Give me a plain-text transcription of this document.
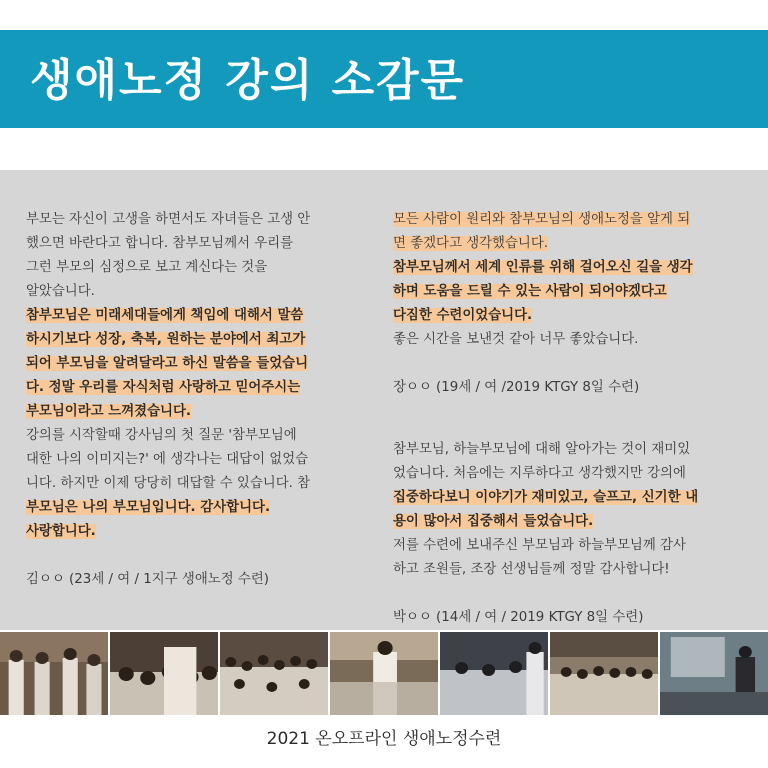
생애노정 강의 소감문
부모는 자신이 고생을 하면서도 자녀들은 고생 안
했으면 바란다고 합니다. 참부모님께서 우리를
그런 부모의 심정으로 보고 계신다는 것을
알았습니다.
참부모님은 미래세대들에게 책임에 대해서 말씀
하시기보다 성장, 축복, 원하는 분야에서 최고가
되어 부모님을 알려달라고 하신 말씀을 들었습니
다. 정말 우리를 자식처럼 사랑하고 믿어주시는
부모님이라고 느껴졌습니다.
강의를 시작할때 강사님의 첫 질문 '참부모님에
대한 나의 이미지는?' 에 생각나는 대답이 없었습
니다. 하지만 이제 당당히 대답할 수 있습니다. 참
부모님은 나의 부모님입니다. 감사합니다.
사랑합니다.
김ㅇㅇ (23세 / 여 / 1지구 생애노정 수련)
모든 사람이 원리와 참부모님의 생애노정을 알게 되
면 좋겠다고 생각했습니다.
참부모님께서 세계 인류를 위해 걸어오신 길을 생각
하며 도움을 드릴 수 있는 사람이 되어야겠다고
다짐한 수련이었습니다.
좋은 시간을 보낸것 같아 너무 좋았습니다.
장ㅇㅇ (19세 / 여 /2019 KTGY 8일 수련)
참부모님, 하늘부모님에 대해 알아가는 것이 재미있
었습니다. 처음에는 지루하다고 생각했지만 강의에
집중하다보니 이야기가 재미있고, 슬프고, 신기한 내
용이 많아서 집중해서 들었습니다.
저를 수련에 보내주신 부모님과 하늘부모님께 감사
하고 조원들, 조장 선생님들께 정말 감사합니다!
박ㅇㅇ (14세 / 여 / 2019 KTGY 8일 수련)
2021 온오프라인 생애노정수련
